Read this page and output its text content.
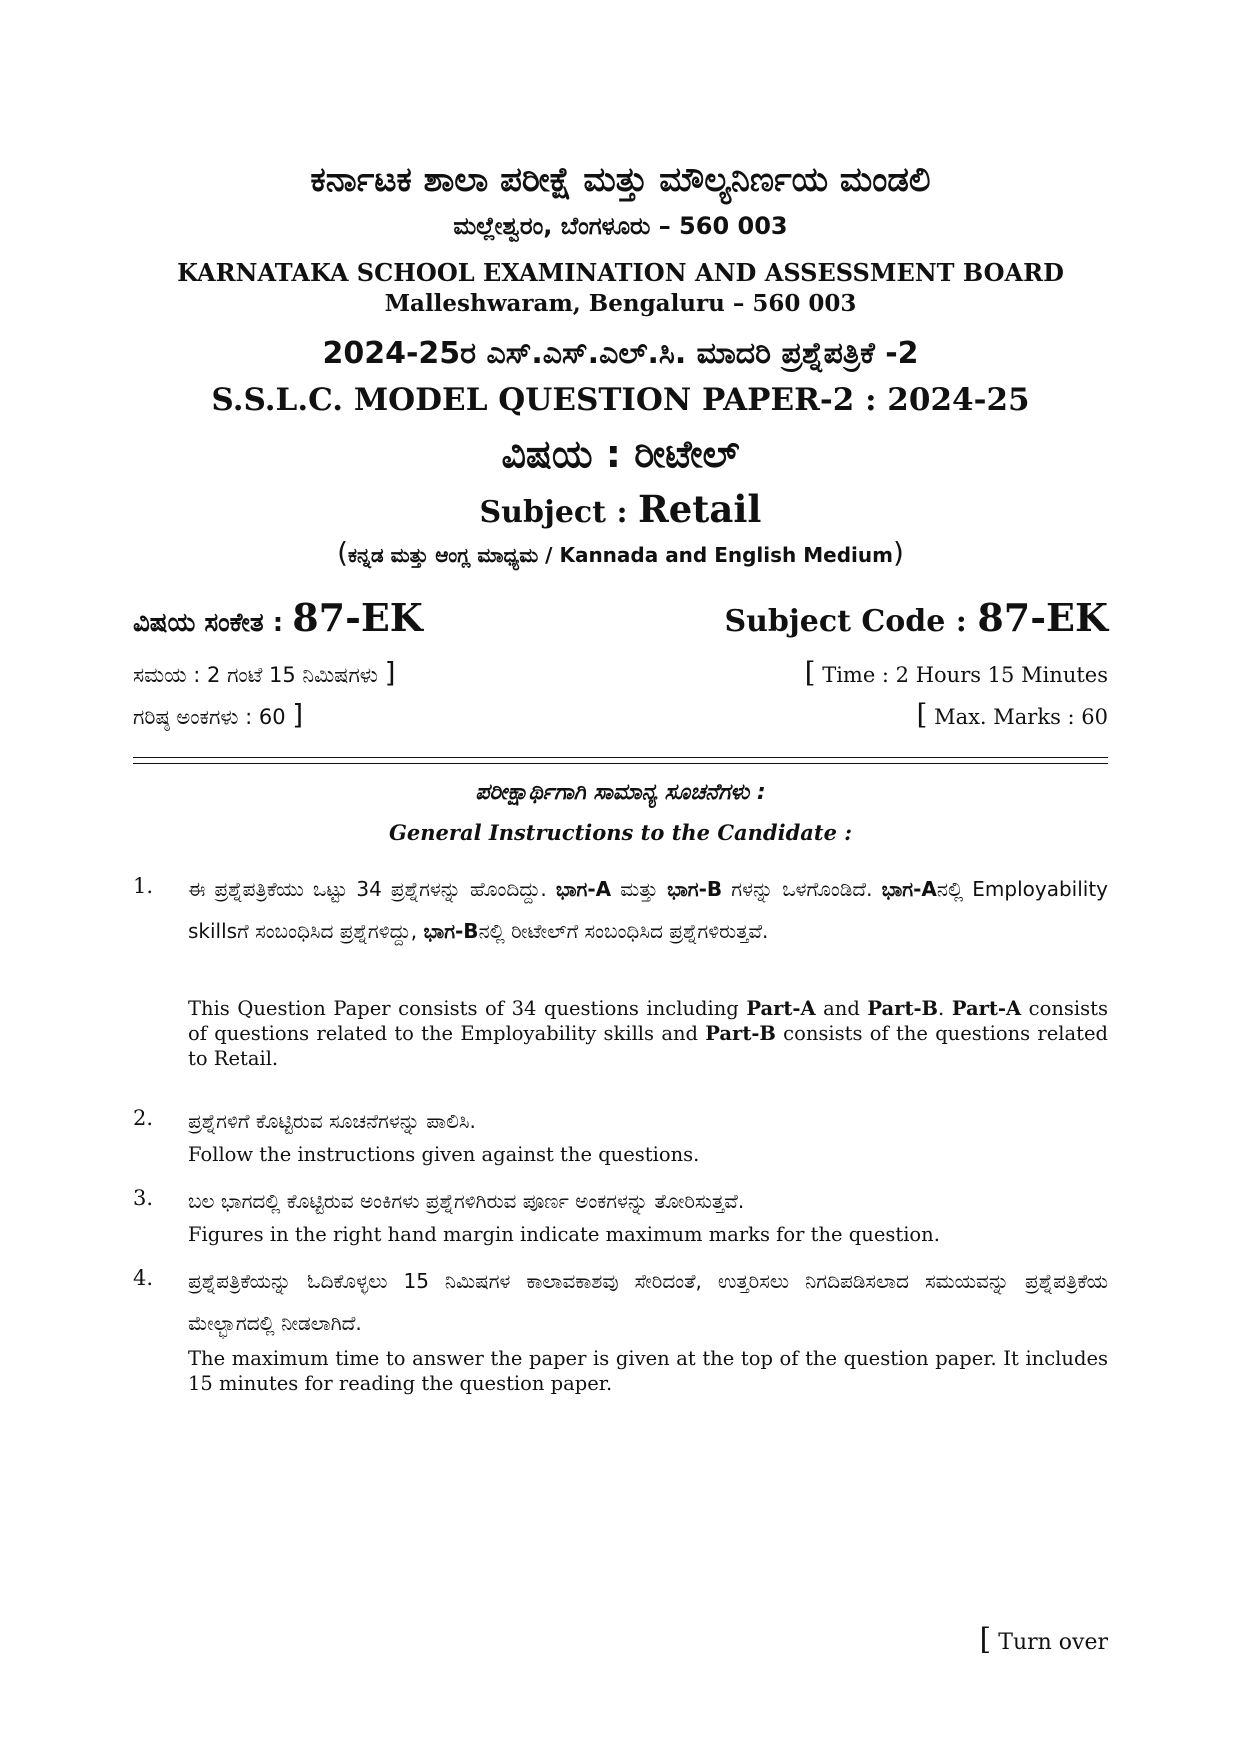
ಕರ್ನಾಟಕ ಶಾಲಾ ಪರೀಕ್ಷೆ ಮತ್ತು ಮೌಲ್ಯನಿರ್ಣಯ ಮಂಡಲಿ
ಮಲ್ಲೇಶ್ವರಂ, ಬೆಂಗಳೂರು – 560 003
KARNATAKA SCHOOL EXAMINATION AND ASSESSMENT BOARD
Malleshwaram, Bengaluru – 560 003
2024-25ರ ಎಸ್.ಎಸ್.ಎಲ್.ಸಿ. ಮಾದರಿ ಪ್ರಶ್ನೆಪತ್ರಿಕೆ -2
S.S.L.C. MODEL QUESTION PAPER-2 : 2024-25
ವಿಷಯ : ರೀಟೇಲ್
Subject : Retail
(ಕನ್ನಡ ಮತ್ತು ಆಂಗ್ಲ ಮಾಧ್ಯಮ / Kannada and English Medium)
ವಿಷಯ ಸಂಕೇತ : 87-EK	Subject Code : 87-EK
ಸಮಯ : 2 ಗಂಟೆ 15 ನಿಮಿಷಗಳು ]
ಗರಿಷ್ಠ ಅಂಕಗಳು : 60 ]
[ Time : 2 Hours 15 Minutes
[ Max. Marks : 60
ಪರೀಕ್ಷಾರ್ಥಿಗಾಗಿ ಸಾಮಾನ್ಯ ಸೂಚನೆಗಳು :
General Instructions to the Candidate :
1. ಈ ಪ್ರಶ್ನೆಪತ್ರಿಕೆಯು ಒಟ್ಟು 34 ಪ್ರಶ್ನೆಗಳನ್ನು ಹೊಂದಿದ್ದು. ಭಾಗ-A ಮತ್ತು ಭಾಗ-B ಗಳನ್ನು ಒಳಗೊಂಡಿದೆ. ಭಾಗ-Aನಲ್ಲಿ Employability skillsಗೆ ಸಂಬಂಧಿಸಿದ ಪ್ರಶ್ನೆಗಳಿದ್ದು, ಭಾಗ-Bನಲ್ಲಿ ರೀಟೇಲ್‌ಗೆ ಸಂಬಂಧಿಸಿದ ಪ್ರಶ್ನೆಗಳಿರುತ್ತವೆ.
This Question Paper consists of 34 questions including Part-A and Part-B. Part-A consists of questions related to the Employability skills and Part-B consists of the questions related to Retail.
2. ಪ್ರಶ್ನೆಗಳಿಗೆ ಕೊಟ್ಟಿರುವ ಸೂಚನೆಗಳನ್ನು ಪಾಲಿಸಿ.
Follow the instructions given against the questions.
3. ಬಲ ಭಾಗದಲ್ಲಿ ಕೊಟ್ಟಿರುವ ಅಂಕಿಗಳು ಪ್ರಶ್ನೆಗಳಿಗಿರುವ ಪೂರ್ಣ ಅಂಕಗಳನ್ನು ತೋರಿಸುತ್ತವೆ.
Figures in the right hand margin indicate maximum marks for the question.
4. ಪ್ರಶ್ನೆಪತ್ರಿಕೆಯನ್ನು ಓದಿಕೊಳ್ಳಲು 15 ನಿಮಿಷಗಳ ಕಾಲಾವಕಾಶವು ಸೇರಿದಂತೆ, ಉತ್ತರಿಸಲು ನಿಗದಿಪಡಿಸಲಾದ ಸಮಯವನ್ನು ಪ್ರಶ್ನೆಪತ್ರಿಕೆಯ ಮೇಲ್ಭಾಗದಲ್ಲಿ ನೀಡಲಾಗಿದೆ.
The maximum time to answer the paper is given at the top of the question paper. It includes 15 minutes for reading the question paper.
[ Turn over
